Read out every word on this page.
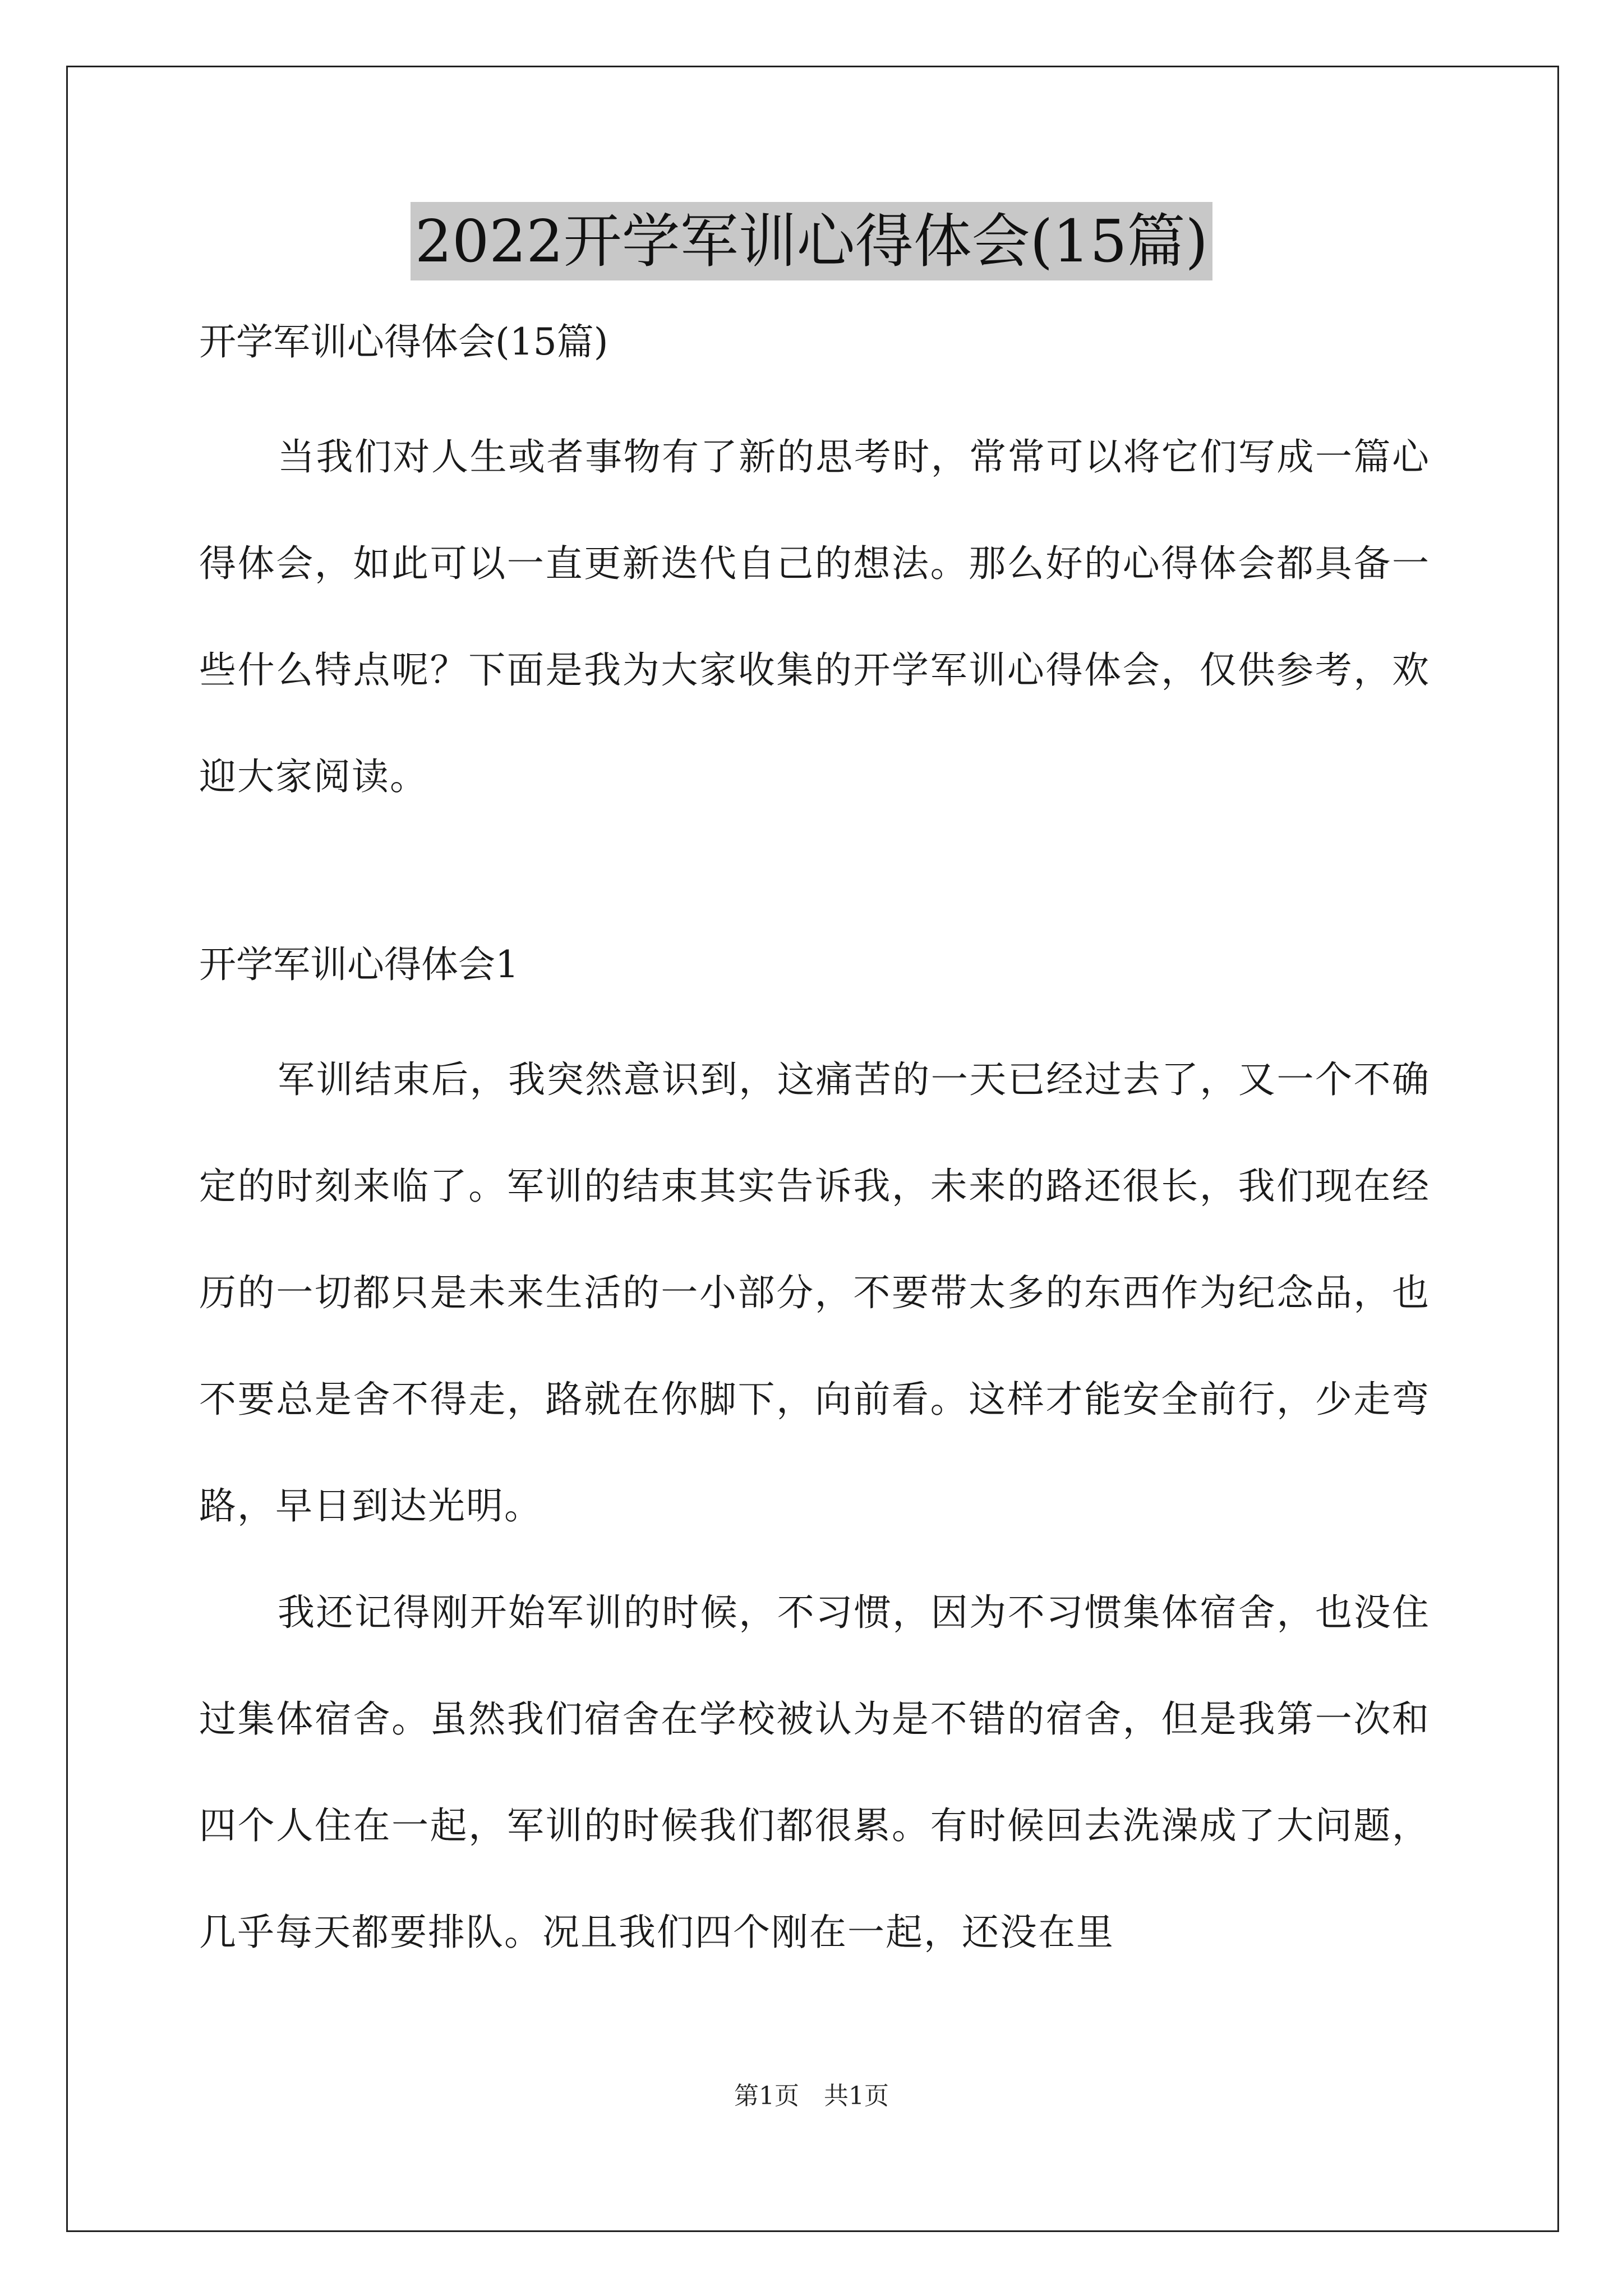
2022开学军训心得体会(15篇)
开学军训心得体会(15篇)

当我们对人生或者事物有了新的思考时，常常可以将它们写成一篇心得体会，如此可以一直更新迭代自己的想法。那么好的心得体会都具备一些什么特点呢？下面是我为大家收集的开学军训心得体会，仅供参考，欢迎大家阅读。

开学军训心得体会1

军训结束后，我突然意识到，这痛苦的一天已经过去了，又一个不确定的时刻来临了。军训的结束其实告诉我，未来的路还很长，我们现在经历的一切都只是未来生活的一小部分，不要带太多的东西作为纪念品，也不要总是舍不得走，路就在你脚下，向前看。这样才能安全前行，少走弯路，早日到达光明。

我还记得刚开始军训的时候，不习惯，因为不习惯集体宿舍，也没住过集体宿舍。虽然我们宿舍在学校被认为是不错的宿舍，但是我第一次和四个人住在一起，军训的时候我们都很累。有时候回去洗澡成了大问题，几乎每天都要排队。况且我们四个刚在一起，还没在里

第1页　共1页
